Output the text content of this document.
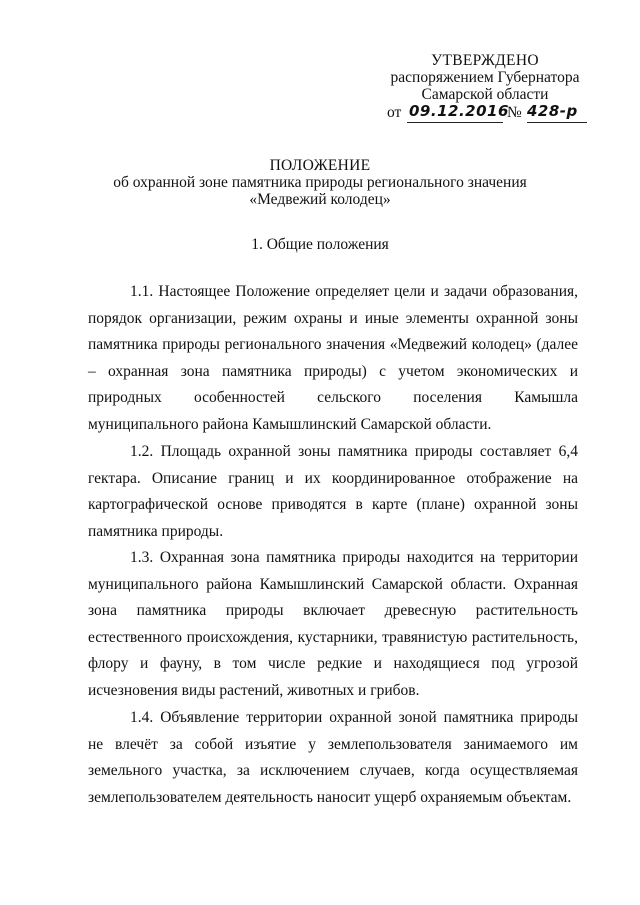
УТВЕРЖДЕНО
распоряжением Губернатора
Самарской области
от 09.12.2016
№ 428-р
ПОЛОЖЕНИЕ
об охранной зоне памятника природы регионального значения
«Медвежий колодец»
1. Общие положения
1.1. Настоящее Положение определяет цели и задачи образования, порядок организации, режим охраны и иные элементы охранной зоны памятника природы регионального значения «Медвежий колодец» (далее – охранная зона памятника природы) с учетом экономических и природных особенностей сельского поселения Камышла муниципального района Камышлинский Самарской области.
1.2. Площадь охранной зоны памятника природы составляет 6,4 гектара. Описание границ и их координированное отображение на картографической основе приводятся в карте (плане) охранной зоны памятника природы.
1.3. Охранная зона памятника природы находится на территории муниципального района Камышлинский Самарской области. Охранная зона памятника природы включает древесную растительность естественного происхождения, кустарники, травянистую растительность, флору и фауну, в том числе редкие и находящиеся под угрозой исчезновения виды растений, животных и грибов.
1.4. Объявление территории охранной зоной памятника природы не влечёт за собой изъятие у землепользователя занимаемого им земельного участка, за исключением случаев, когда осуществляемая землепользователем деятельность наносит ущерб охраняемым объектам.
